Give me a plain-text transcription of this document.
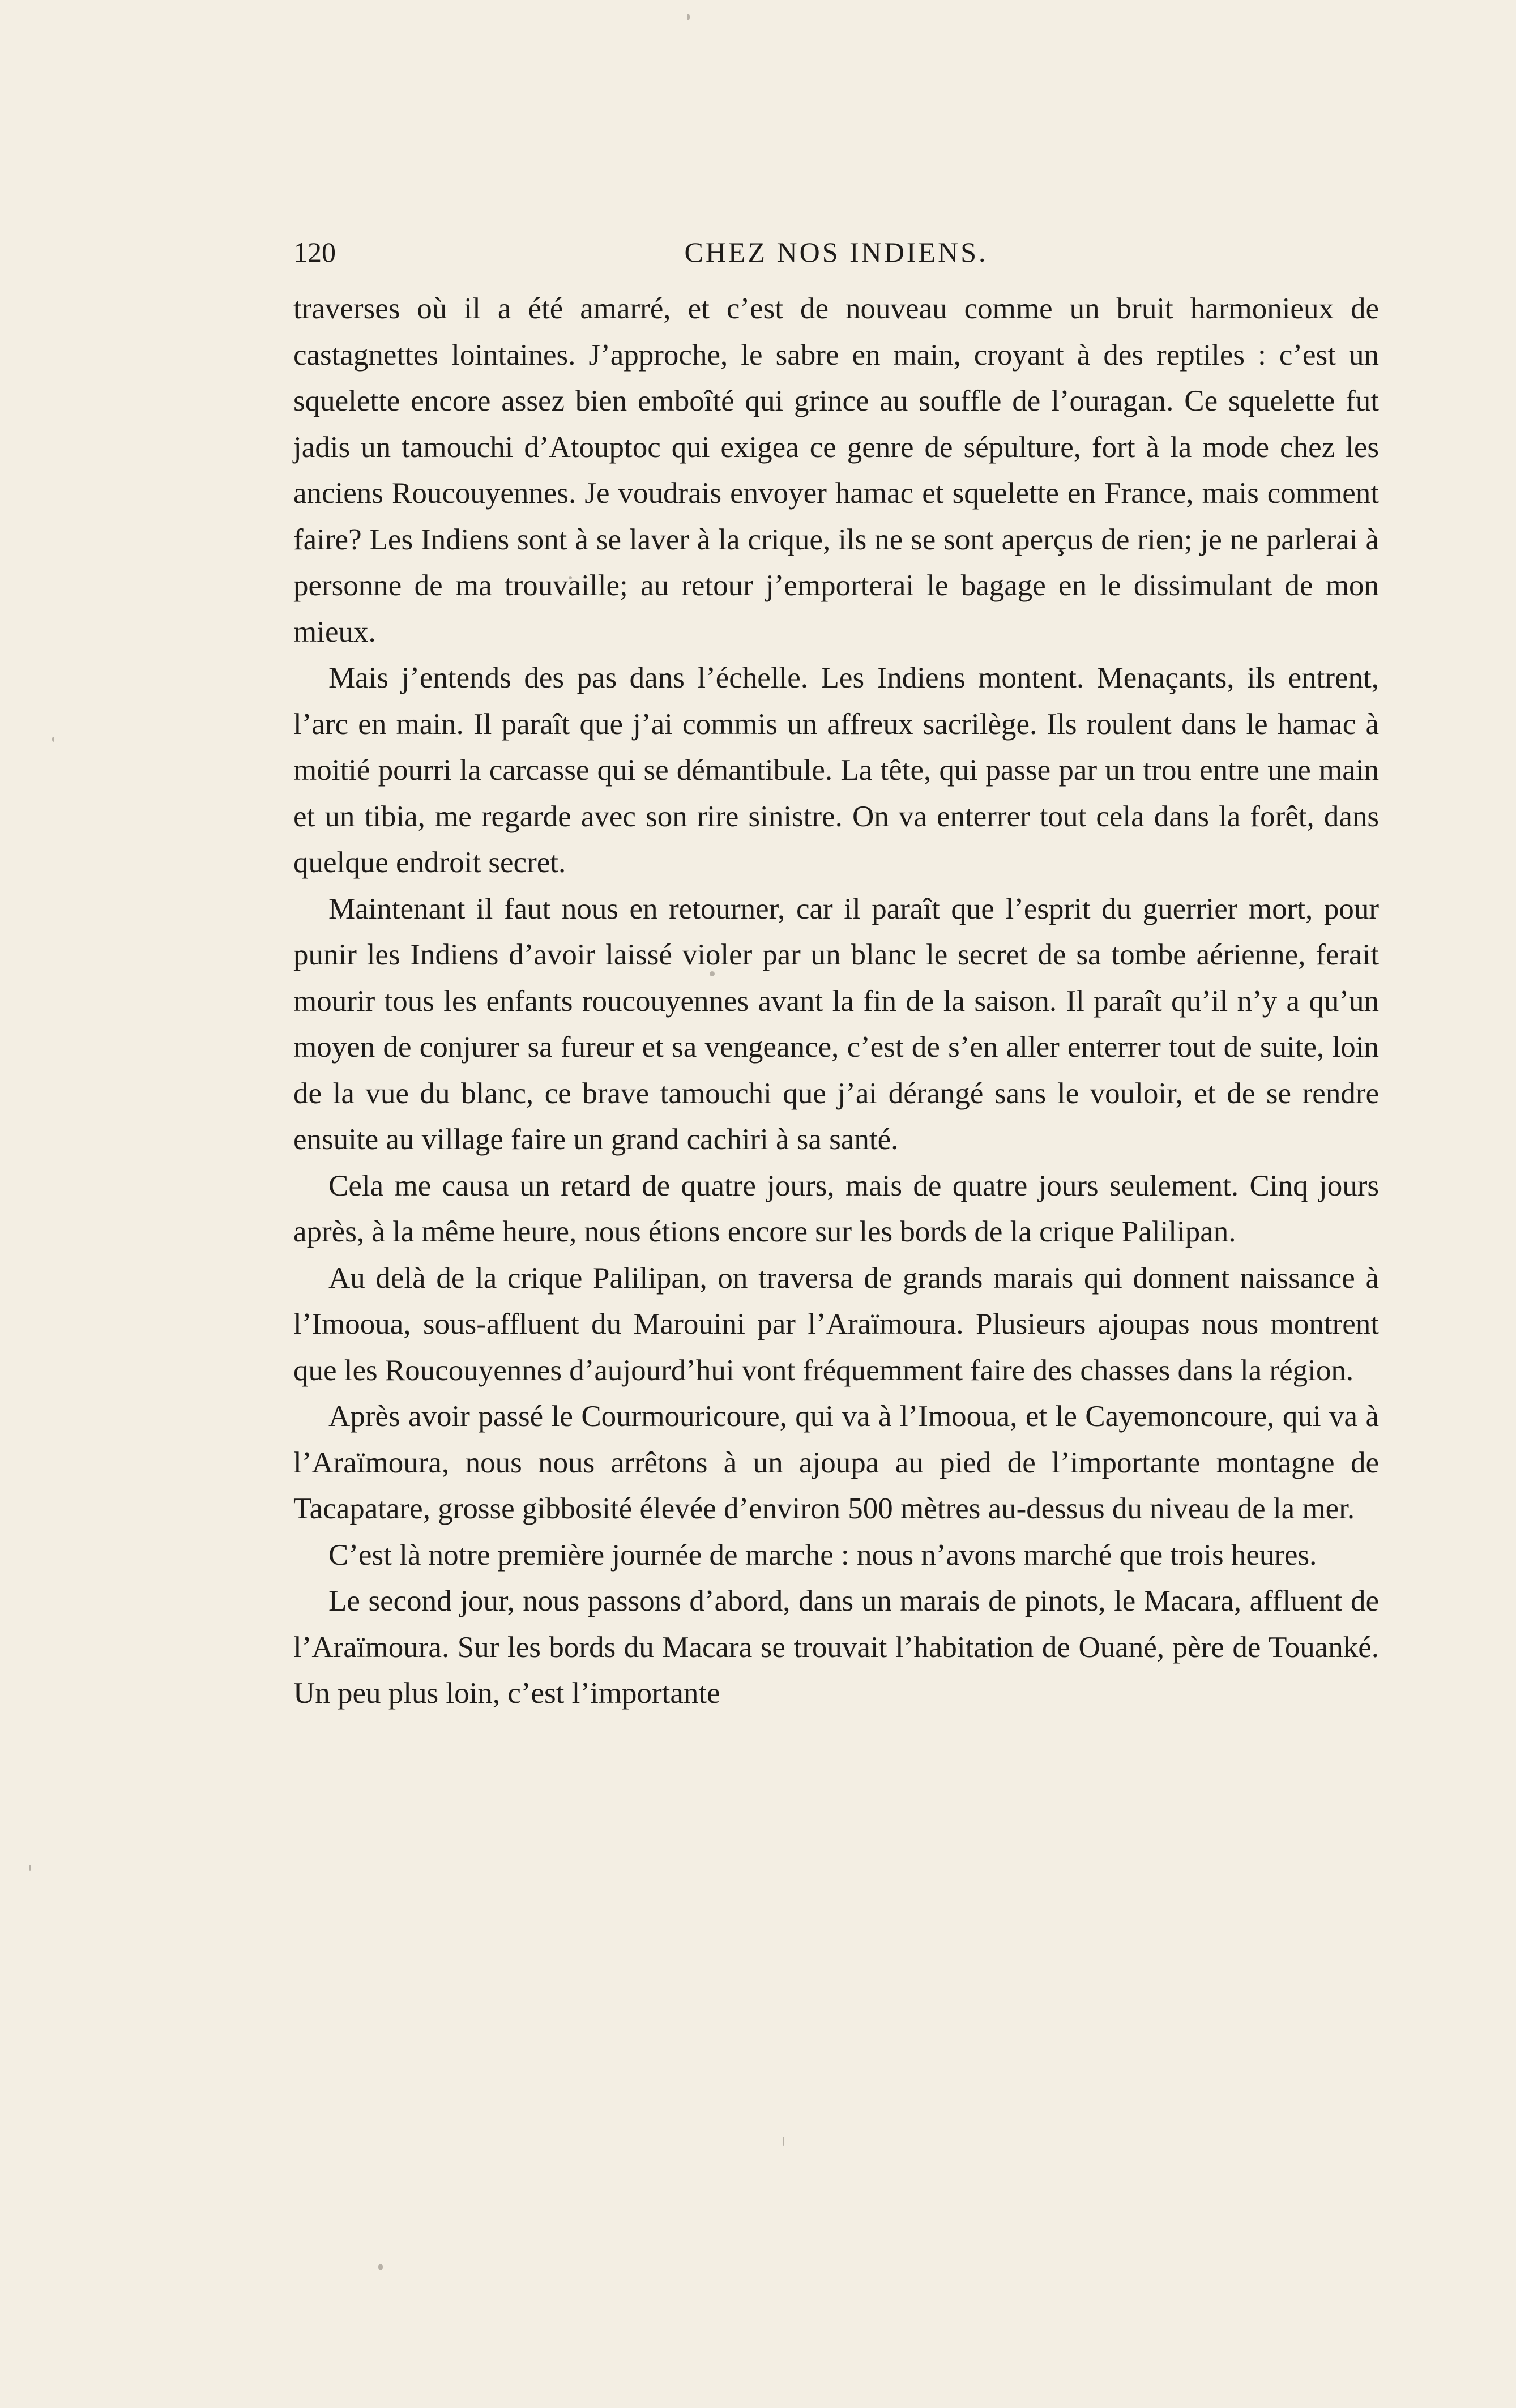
120	CHEZ NOS INDIENS.

traverses où il a été amarré, et c’est de nouveau comme un bruit harmonieux de castagnettes lointaines. J’approche, le sabre en main, croyant à des reptiles : c’est un squelette encore assez bien emboîté qui grince au souffle de l’ouragan. Ce squelette fut jadis un tamouchi d’Atouptoc qui exigea ce genre de sépulture, fort à la mode chez les anciens Roucouyennes. Je voudrais envoyer hamac et squelette en France, mais comment faire? Les Indiens sont à se laver à la crique, ils ne se sont aperçus de rien; je ne parlerai à personne de ma trouvaille; au retour j’emporterai le bagage en le dissimulant de mon mieux.

Mais j’entends des pas dans l’échelle. Les Indiens montent. Menaçants, ils entrent, l’arc en main. Il paraît que j’ai commis un affreux sacrilège. Ils roulent dans le hamac à moitié pourri la carcasse qui se démantibule. La tête, qui passe par un trou entre une main et un tibia, me regarde avec son rire sinistre. On va enterrer tout cela dans la forêt, dans quelque endroit secret.

Maintenant il faut nous en retourner, car il paraît que l’esprit du guerrier mort, pour punir les Indiens d’avoir laissé violer par un blanc le secret de sa tombe aérienne, ferait mourir tous les enfants roucouyennes avant la fin de la saison. Il paraît qu’il n’y a qu’un moyen de conjurer sa fureur et sa vengeance, c’est de s’en aller enterrer tout de suite, loin de la vue du blanc, ce brave tamouchi que j’ai dérangé sans le vouloir, et de se rendre ensuite au village faire un grand cachiri à sa santé.

Cela me causa un retard de quatre jours, mais de quatre jours seulement. Cinq jours après, à la même heure, nous étions encore sur les bords de la crique Palilipan.

Au delà de la crique Palilipan, on traversa de grands marais qui donnent naissance à l’Imooua, sous-affluent du Marouini par l’Araïmoura. Plusieurs ajoupas nous montrent que les Roucouyennes d’aujourd’hui vont fréquemment faire des chasses dans la région.

Après avoir passé le Courmouricoure, qui va à l’Imooua, et le Cayemoncoure, qui va à l’Araïmoura, nous nous arrêtons à un ajoupa au pied de l’importante montagne de Tacapatare, grosse gibbosité élevée d’environ 500 mètres au-dessus du niveau de la mer.

C’est là notre première journée de marche : nous n’avons marché que trois heures.

Le second jour, nous passons d’abord, dans un marais de pinots, le Macara, affluent de l’Araïmoura. Sur les bords du Macara se trouvait l’habitation de Ouané, père de Touanké. Un peu plus loin, c’est l’importante
